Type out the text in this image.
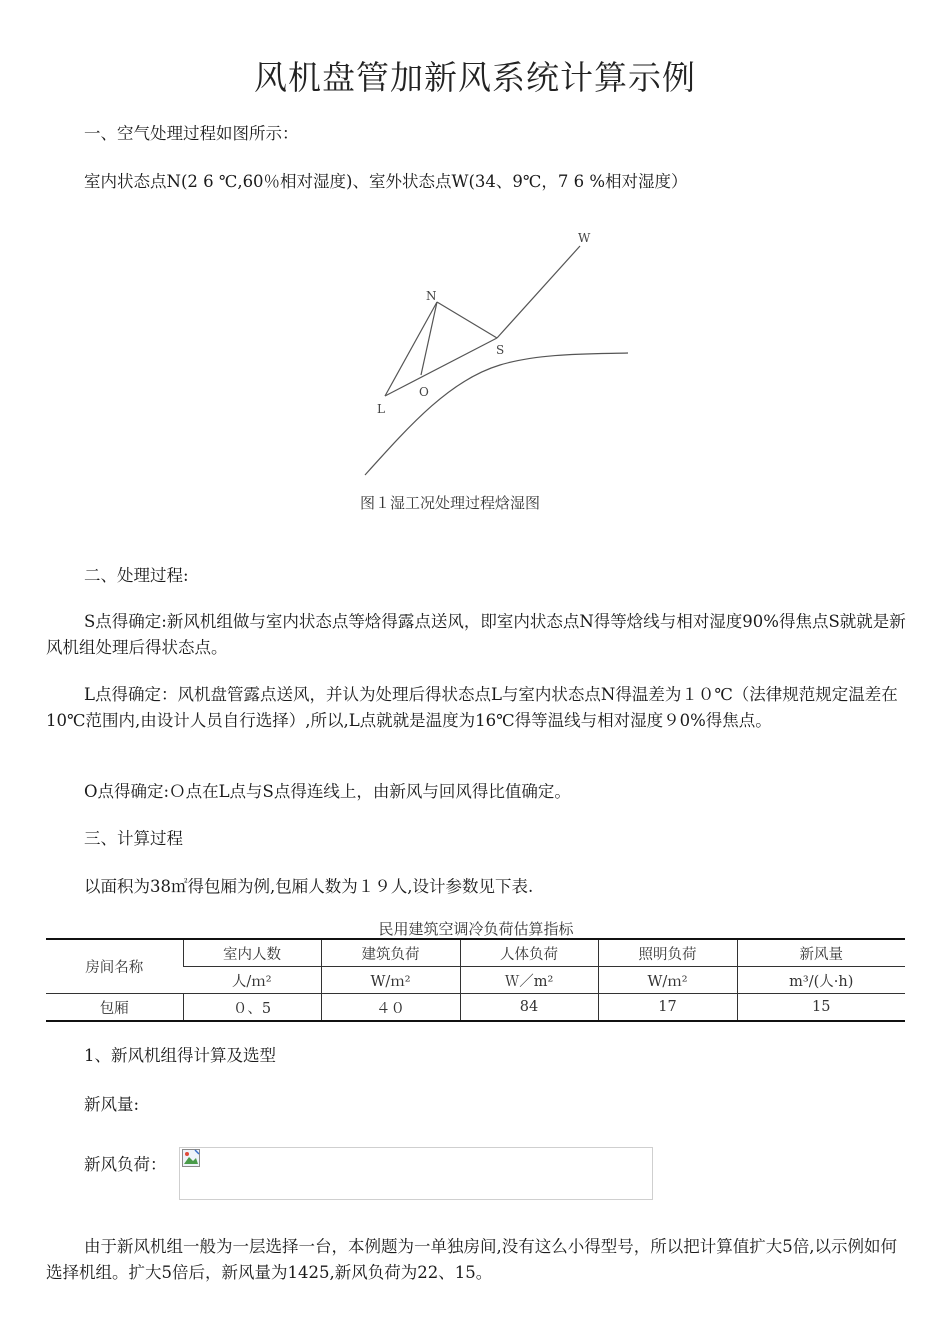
风机盘管加新风系统计算示例
一、空气处理过程如图所示：
室内状态点N(2 6 ℃,60％相对湿度)、室外状态点W(34、9℃，7 6 %相对湿度）
W
N
S
O
L
图１湿工况处理过程焓湿图
二、处理过程:
S点得确定:新风机组做与室内状态点等焓得露点送风，即室内状态点N得等焓线与相对湿度90%得焦点S就就是新风机组处理后得状态点。
L点得确定：风机盘管露点送风，并认为处理后得状态点L与室内状态点N得温差为１０℃（法律规范规定温差在10℃范围内,由设计人员自行选择）,所以,L点就就是温度为16℃得等温线与相对湿度９0%得焦点。
O点得确定:Ｏ点在L点与S点得连线上，由新风与回风得比值确定。
三、计算过程
以面积为38㎡得包厢为例,包厢人数为１９人,设计参数见下表.
民用建筑空调冷负荷估算指标
房间名称	室内人数	建筑负荷	人体负荷	照明负荷	新风量
	人/ｍ²	W/ｍ²	Ｗ／m²	W/ｍ²	m³/(人·h)
包厢	０、5	４０	84	17	15
1、新风机组得计算及选型
新风量:
新风负荷：
由于新风机组一般为一层选择一台，本例题为一单独房间,没有这么小得型号，所以把计算值扩大5倍,以示例如何选择机组。扩大5倍后，新风量为1425,新风负荷为22、15。
